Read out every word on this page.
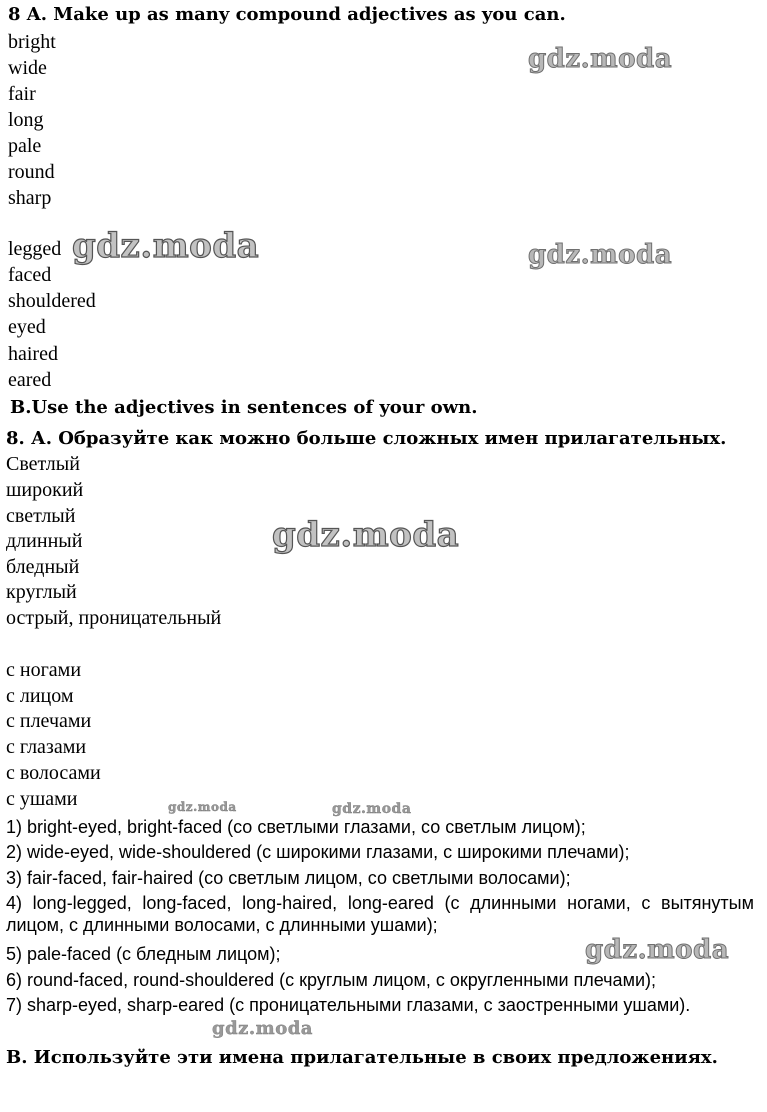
8 A. Make up as many compound adjectives as you can.
bright
wide
fair
long
pale
round
sharp
legged
faced
shouldered
eyed
haired
eared
B.Use the adjectives in sentences of your own.
8. А. Образуйте как можно больше сложных имен прилагательных.
Светлый
широкий
светлый
длинный
бледный
круглый
острый, проницательный
с ногами
с лицом
с плечами
с глазами
с волосами
с ушами
1) bright-eyed, bright-faced (со светлыми глазами, со светлым лицом);
2) wide-eyed, wide-shouldered (с широкими глазами, с широкими плечами);
3) fair-faced, fair-haired (со светлым лицом, со светлыми волосами);
4) long-legged, long-faced, long-haired, long-eared (с длинными ногами, с вытянутым лицом, с длинными волосами, с длинными ушами);
5) pale-faced (с бледным лицом);
6) round-faced, round-shouldered (с круглым лицом, с округленными плечами);
7) sharp-eyed, sharp-eared (с проницательными глазами, с заостренными ушами).
В. Используйте эти имена прилагательные в своих предложениях.
gdz.moda
gdz.moda	gdz.moda
gdz.moda
gdz.moda	gdz.moda
gdz.moda
gdz.moda
